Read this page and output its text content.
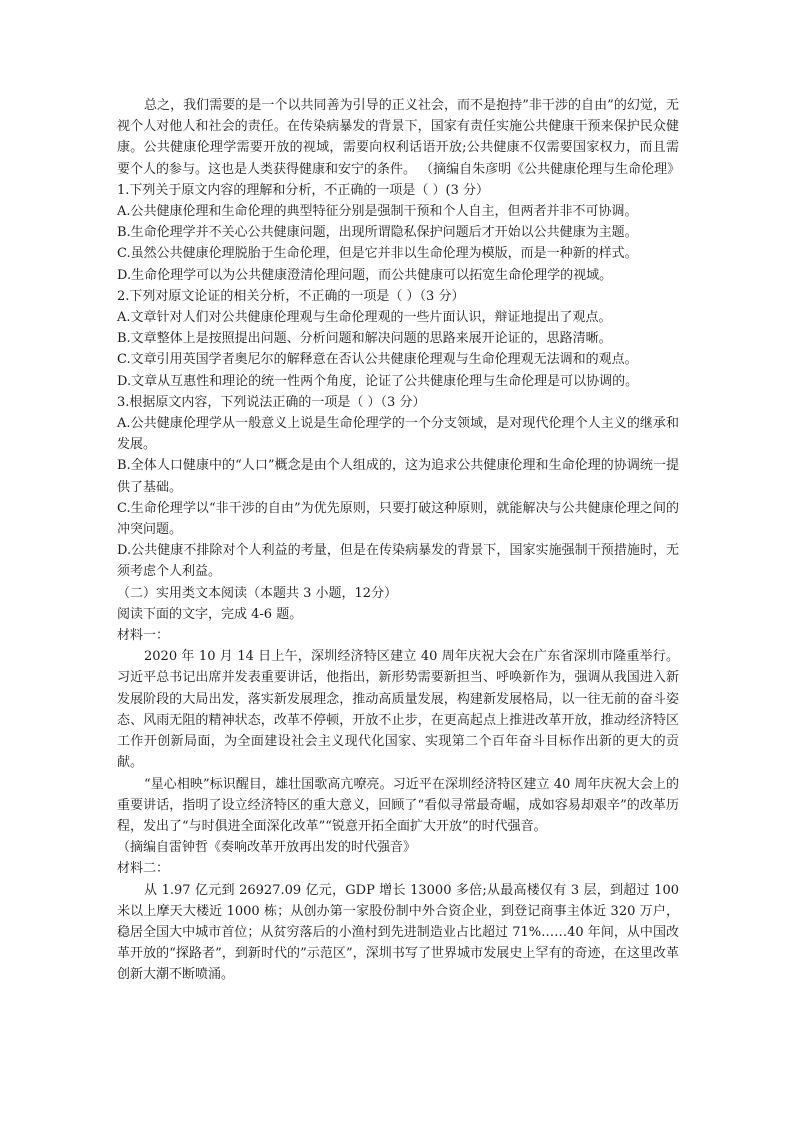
总之，我们需要的是一个以共同善为引导的正义社会，而不是抱持”非干涉的自由”的幻觉，无视个人对他人和社会的责任。在传染病暴发的背景下，国家有责任实施公共健康干预来保护民众健康。公共健康伦理学需要开放的视域，需要向权利话语开放;公共健康不仅需要国家权力，而且需要个人的参与。这也是人类获得健康和安宁的条件。 （摘编自朱彦明《公共健康伦理与生命伦理》

1.下列关于原文内容的理解和分析，不正确的一项是（ ）(3 分）

A.公共健康伦理和生命伦理的典型特征分别是强制干预和个人自主，但两者并非不可协调。

B.生命伦理学并不关心公共健康问题，出现所谓隐私保护问题后才开始以公共健康为主题。

C.虽然公共健康伦理脱胎于生命伦理，但是它并非以生命伦理为模版，而是一种新的样式。

D.生命伦理学可以为公共健康澄清伦理问题，而公共健康可以拓宽生命伦理学的视域。

2.下列对原文论证的相关分析，不正确的一项是（ ）（3 分）

A.文章针对人们对公共健康伦理观与生命伦理观的一些片面认识，辩证地提出了观点。

B.文章整体上是按照提出问题、分析问题和解决问题的思路来展开论证的，思路清晰。

C.文章引用英国学者奥尼尔的解释意在否认公共健康伦理观与生命伦理观无法调和的观点。

D.文章从互惠性和理论的统一性两个角度，论证了公共健康伦理与生命伦理是可以协调的。

3.根据原文内容，下列说法正确的一项是（ ）（3 分）

A.公共健康伦理学从一般意义上说是生命伦理学的一个分支领域，是对现代伦理个人主义的继承和发展。

B.全体人口健康中的“人口”概念是由个人组成的，这为追求公共健康伦理和生命伦理的协调统一提供了基础。

C.生命伦理学以“非干涉的自由”为优先原则，只要打破这种原则，就能解决与公共健康伦理之间的冲突问题。

D.公共健康不排除对个人利益的考量，但是在传染病暴发的背景下，国家实施强制干预措施时，无须考虑个人利益。

（二）实用类文本阅读（本题共 3 小题，12分）

阅读下面的文字，完成 4-6 题。

材料一：

2020 年 10 月 14 日上午，深圳经济特区建立 40 周年庆祝大会在广东省深圳市隆重举行。习近平总书记出席并发表重要讲话，他指出，新形势需要新担当、呼唤新作为，强调从我国进入新发展阶段的大局出发，落实新发展理念，推动高质量发展，构建新发展格局，以一往无前的奋斗姿态、风雨无阻的精神状态，改革不停顿，开放不止步，在更高起点上推进改革开放，推动经济特区工作开创新局面，为全面建设社会主义现代化国家、实现第二个百年奋斗目标作出新的更大的贡献。

“星心相映”标识醒目，雄壮国歌高亢嘹亮。习近平在深圳经济特区建立 40 周年庆祝大会上的重要讲话，指明了设立经济特区的重大意义，回顾了“看似寻常最奇崛，成如容易却艰辛”的改革历程，发出了“与时俱进全面深化改革”“锐意开拓全面扩大开放”的时代强音。

（摘编自雷钟哲《奏响改革开放再出发的时代强音》

材料二：

从 1.97 亿元到 26927.09 亿元，GDP 增长 13000 多倍;从最高楼仅有 3 层，到超过 100 米以上摩天大楼近 1000 栋；从创办第一家股份制中外合资企业，到登记商事主体近 320 万户，稳居全国大中城市首位；从贫穷落后的小渔村到先进制造业占比超过 71%……40 年间，从中国改革开放的“探路者”，到新时代的”示范区”，深圳书写了世界城市发展史上罕有的奇迹，在这里改革创新大潮不断喷涌。
